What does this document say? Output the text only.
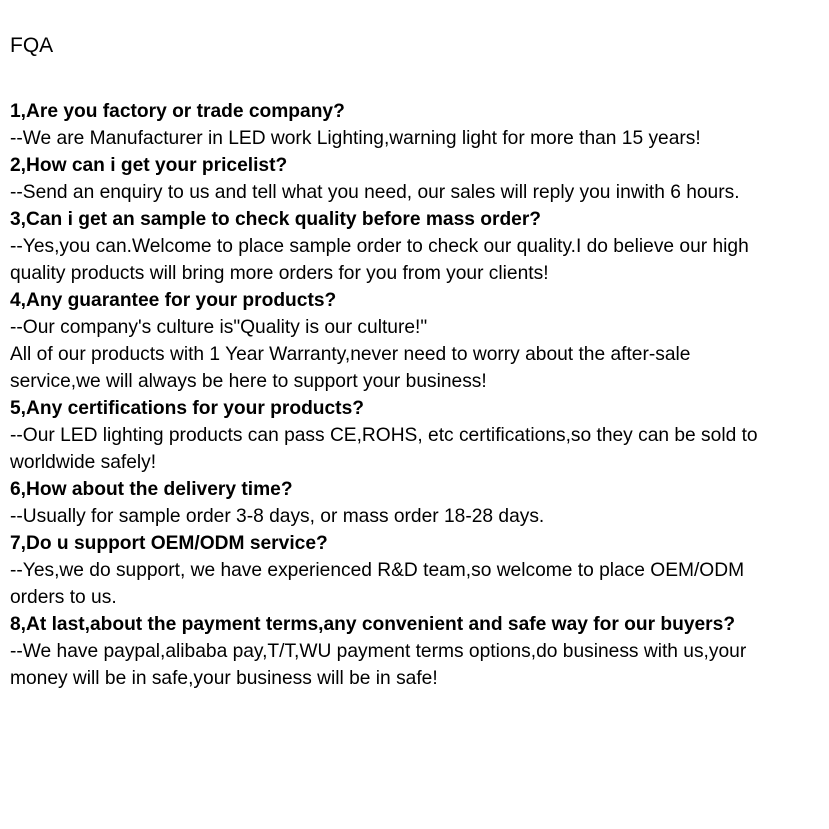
FQA

1,Are you factory or trade company?

--We are Manufacturer in LED work Lighting,warning light for more than 15 years!

2,How can i get your pricelist?

--Send an enquiry to us and tell what you need, our sales will reply you inwith 6 hours.

3,Can i get an sample to check quality before mass order?

--Yes,you can.Welcome to place sample order to check our quality.I do believe our high

quality products will bring more orders for you from your clients!

4,Any guarantee for your products?

--Our company's culture is"Quality is our culture!"

All of our products with 1 Year Warranty,never need to worry about the after-sale

service,we will always be here to support your business!

5,Any certifications for your products?

--Our LED lighting products can pass CE,ROHS, etc certifications,so they can be sold to

worldwide safely!

6,How about the delivery time?

--Usually for sample order 3-8 days, or mass order 18-28 days.

7,Do u support OEM/ODM service?

--Yes,we do support, we have experienced R&D team,so welcome to place OEM/ODM

orders to us.

8,At last,about the payment terms,any convenient and safe way for our buyers?

--We have paypal,alibaba pay,T/T,WU payment terms options,do business with us,your

money will be in safe,your business will be in safe!
